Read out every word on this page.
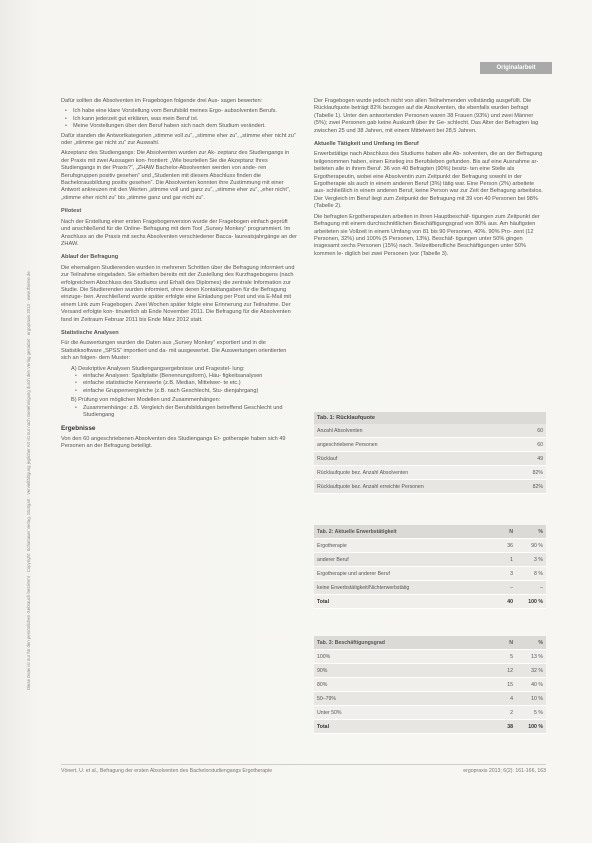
Originalarbeit
Diese Datei ist nur für den persönlichen Gebrauch bestimmt · Copyright: Schattauer Verlag, Stuttgart · Vervielfältigung jeglicher Art ist nur nach Genehmigung durch den Verlag gestattet · ergopraxis 2013 · www.thieme.de

Dafür sollten die Absolventen im Fragebogen folgende drei Aus- sagen bewerten:

▪ Ich habe eine klare Vorstellung vom Berufsbild meines Ergo- aubsolventen Berufs.
▪ Ich kann jederzeit gut erklären, was mein Beruf ist.
▪ Meine Vorstellungen über den Beruf haben sich nach dem Studium verändert.

Dafür standen die Antwortkategorien „stimme voll zu“, „stimme eher zu“, „stimme eher nicht zu“ oder „stimme gar nicht zu“ zur Auswahl.

Akzeptanz des Studiengangs: Die Absolventen wurden zur Ak- zeptanz des Studiengangs in der Praxis mit zwei Aussagen kon- frontiert: „Wie beurteilen Sie die Akzeptanz Ihres Studiengangs in der Praxis?“, „ZHAW Bachelor-Absolventen werden von ande- ren Berufsgruppen positiv gesehen“ und „Studenten mit diesem Abschluss finden die Bachelorausbildung positiv gesehen“. Die Absolventen konnten ihre Zustimmung mit einer Antwort ankreuzen mit den Werten „stimme voll und ganz zu“, „stimme eher zu“, „eher nicht“, „stimme eher nicht zu“ bis „stimme ganz und gar nicht zu“.

Pilotest

Nach der Erstellung einer ersten Fragebogenversion wurde der Fragebogen einfach geprüft und anschließend für die Online- Befragung mit dem Tool „Survey Monkey“ programmiert. Im Anschluss an die Praxis mit sechs Absolventen verschiedener Bacca- laureatsjahrgänge an der ZHAW.

Ablauf der Befragung

Die ehemaligen Studierenden wurden in mehreren Schritten über die Befragung informiert und zur Teilnahme eingeladen. Sie erhielten bereits mit der Zustellung des Kurzfragebogens (nach erfolgreichem Abschluss des Studiums und Erhalt des Diplomes) die zentrale Information zur Studie. Die Studierenden wurden informiert, ohne deren Kontaktangaben für die Befragung einzuge- ben. Anschließend wurde später erfolgte eine Einladung per Post und via E-Mail mit einem Link zum Fragebogen. Zwei Wochen später folgte eine Erinnerung zur Teilnahme. Der Versand erfolgte kon- tinuierlich ab Ende November 2011. Die Befragung für die Absolventen fand im Zeitraum Februar 2011 bis Ende März 2012 statt.

Statistische Analysen

Für die Auswertungen wurden die Daten aus „Survey Monkey“ exportiert und in die Statistiksoftware „SPSS“ importiert und da- mit ausgewertet. Die Auswertungen orientierten sich an folgen- dem Muster:

A) Deskriptive Analysen Studiengangsergebnisse und Fragestel- lung:
▪ einfache Analysen: Spaltplatte (Benennungsform), Häu- figkeitsanalysen
▪ einfache statistische Kennwerte (z.B. Median, Mittelwer- te etc.)
▪ einfache Gruppenvergleiche (z.B. nach Geschlecht, Stu- dienjahrgang)
B) Prüfung von möglichen Modellen und Zusammenhängen:
▪ Zusammenhänge: z.B. Vergleich der Berufsbildungen betreffend Geschlecht und Studiengang

Ergebnisse

Von den 60 angeschriebenen Absolventen des Studiengangs Er- gotherapie haben sich 49 Personen an der Befragung beteiligt.

Der Fragebogen wurde jedoch nicht von allen Teilnehmenden vollständig ausgefüllt. Die Rücklaufquote beträgt 82% bezogen auf die Absolventen, die ebenfalls wurden befragt (Tabelle 1). Unter den antwortenden Personen waren 38 Frauen (93%) und zwei Männer (5%); zwei Personen gab keine Auskunft über ihr Ge- schlecht. Das Alter der Befragten lag zwischen 25 und 38 Jahren, mit einem Mittelwert bei 28,5 Jahren.

Aktuelle Tätigkeit und Umfang im Beruf

Erwerbstätige nach Abschluss des Studiums haben alle Ab- solventen, die an der Befragung teilgenommen haben, einen Einstieg ins Berufsleben gefunden. Bis auf eine Ausnahme ar- beiteten alle in ihrem Beruf. 36 von 40 Befragten (90%) besitz- ten eine Stelle als Ergotherapeutin, wobei eine Absolventin zum Zeitpunkt der Befragung sowohl in der Ergotherapie als auch in einem anderen Beruf (3%) tätig war. Eine Person (2%) arbeitete aus- schließlich in einem anderen Beruf, keine Person war zur Zeit der Befragung arbeitslos. Der Vergleich im Beruf liegt zum Zeitpunkt der Befragung mit 39 von 40 Personen bei 98% (Tabelle 2).

Die befragten Ergotherapeuten arbeiten in ihren Hauptbeschäf- tigungen zum Zeitpunkt der Befragung mit einem durchschnittlichen Beschäftigungsgrad von 80% aus. Am häufigsten arbeiteten sie Vollzeit in einem Umfang von 81 bis 90 Personen, 40%. 90% Pro- zent (12 Personen, 32%) und 100% (5 Personen, 13%). Beschäf- tigungen unter 50% gingen insgesamt sechs Personen (15%) nach. Teilzeitberufliche Beschäftigungen unter 50% kommen le- diglich bei zwei Personen (vor (Tabelle 3).

Tab. 1: Rücklaufquote
Anzahl Absolventen	60
angeschriebene Personen	60
Rücklauf	49
Rücklaufquote bez. Anzahl Absolventen	82%
Rücklaufquote bez. Anzahl erreichte Personen	82%
Tab. 2: Aktuelle Erwerbstätigkeit	N	%
Ergotherapie	36	90 %
anderer Beruf	1	3 %
Ergotherapie und anderer Beruf	3	8 %
keine Erwerbstätigkeit/Nichterwerbstätig	–	–
Total	40	100 %
Tab. 3: Beschäftigungsgrad	N	%
100%	5	13 %
90%	12	32 %
80%	15	40 %
50–79%	4	10 %
Unter 50%	2	5 %
Total	38	100 %
Vönert, U. et al., Befragung der ersten Absolventen des Bachelorstudiengangs Ergotherapie	ergopraxis 2013; 6(2): 161-166, 163
